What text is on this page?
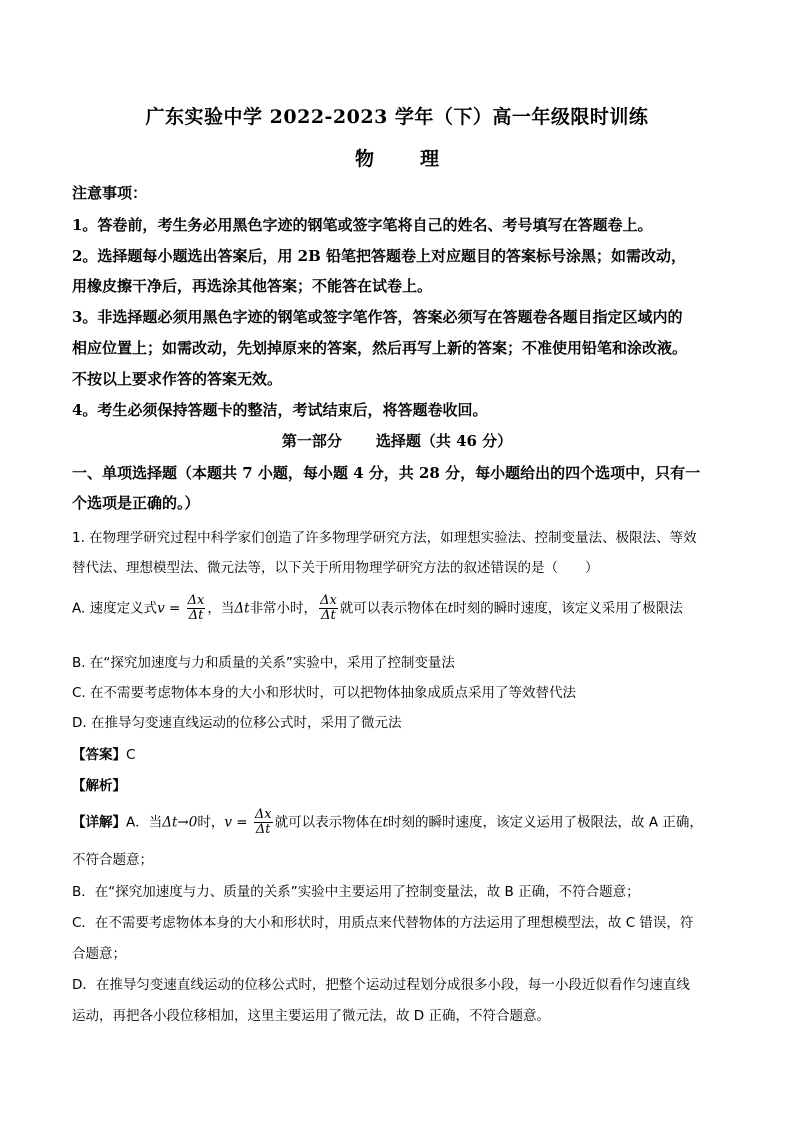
广东实验中学 2022-2023 学年（下）高一年级限时训练
物 理
注意事项：
1。答卷前，考生务必用黑色字迹的钢笔或签字笔将自己的姓名、考号填写在答题卷上。
2。选择题每小题选出答案后，用 2B 铅笔把答题卷上对应题目的答案标号涂黑；如需改动，
用橡皮擦干净后，再选涂其他答案；不能答在试卷上。
3。非选择题必须用黑色字迹的钢笔或签字笔作答，答案必须写在答题卷各题目指定区域内的
相应位置上；如需改动，先划掉原来的答案，然后再写上新的答案；不准使用铅笔和涂改液。
不按以上要求作答的答案无效。
4。考生必须保持答题卡的整洁，考试结束后，将答题卷收回。
第一部分 选择题（共 46 分）
一、单项选择题（本题共 7 小题，每小题 4 分，共 28 分，每小题给出的四个选项中，只有一
个选项是正确的。）
1. 在物理学研究过程中科学家们创造了许多物理学研究方法，如理想实验法、控制变量法、极限法、等效
替代法、理想模型法、微元法等，以下关于所用物理学研究方法的叙述错误的是（　　）
A. 速度定义式$v = \frac{\Delta x}{\Delta t}$ ，当Δt非常小时， $\frac{\Delta x}{\Delta t}$ 就可以表示物体在t时刻的瞬时速度，该定义采用了极限法
B. 在“探究加速度与力和质量的关系”实验中，采用了控制变量法
C. 在不需要考虑物体本身的大小和形状时，可以把物体抽象成质点采用了等效替代法
D. 在推导匀变速直线运动的位移公式时，采用了微元法
【答案】C
【解析】
【详解】A．当Δt→0时，$v = \frac{\Delta x}{\Delta t}$ 就可以表示物体在t时刻的瞬时速度，该定义运用了极限法，故 A 正确，
不符合题意；
B．在“探究加速度与力、质量的关系”实验中主要运用了控制变量法，故 B 正确，不符合题意；
C．在不需要考虑物体本身的大小和形状时，用质点来代替物体的方法运用了理想模型法，故 C 错误，符
合题意；
D．在推导匀变速直线运动的位移公式时，把整个运动过程划分成很多小段，每一小段近似看作匀速直线
运动，再把各小段位移相加，这里主要运用了微元法，故 D 正确，不符合题意。
